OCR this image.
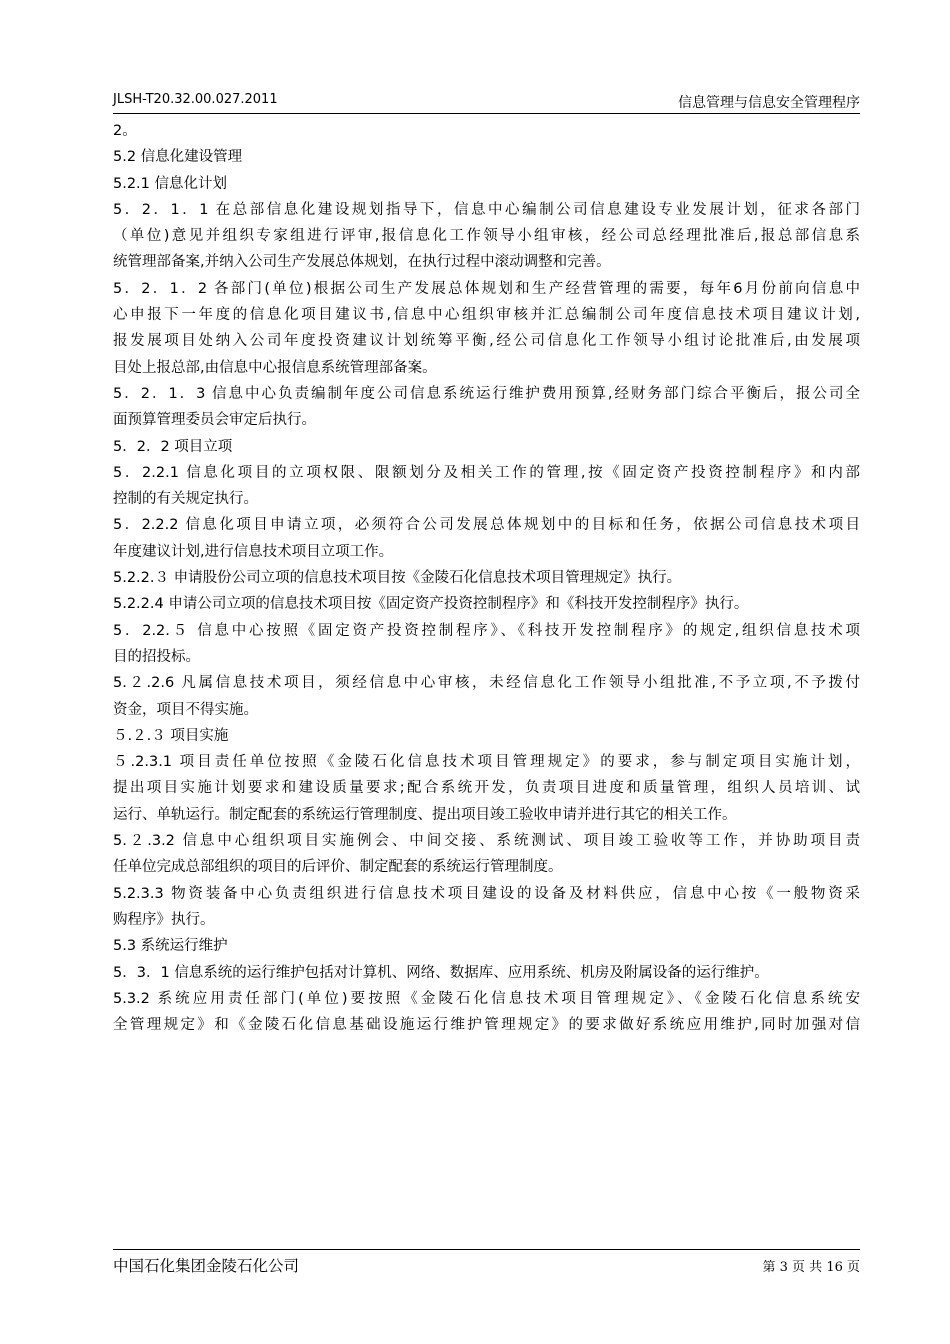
JLSH-T20.32.00.027.2011	信息管理与信息安全管理程序
2。
5.2 信息化建设管理
5.2.1 信息化计划
5．2．1．1 在总部信息化建设规划指导下，信息中心编制公司信息建设专业发展计划，征求各部门
（单位)意见并组织专家组进行评审,报信息化工作领导小组审核，经公司总经理批准后,报总部信息系
统管理部备案,并纳入公司生产发展总体规划，在执行过程中滚动调整和完善。
5．2．1．2 各部门(单位)根据公司生产发展总体规划和生产经营管理的需要，每年6月份前向信息中
心申报下一年度的信息化项目建议书,信息中心组织审核并汇总编制公司年度信息技术项目建议计划,
报发展项目处纳入公司年度投资建议计划统筹平衡,经公司信息化工作领导小组讨论批准后,由发展项
目处上报总部,由信息中心报信息系统管理部备案。
5．2．1．3 信息中心负责编制年度公司信息系统运行维护费用预算,经财务部门综合平衡后，报公司全
面预算管理委员会审定后执行。
5．2．2 项目立项
5．2.2.1 信息化项目的立项权限、限额划分及相关工作的管理,按《固定资产投资控制程序》和内部
控制的有关规定执行。
5．2.2.2 信息化项目申请立项，必须符合公司发展总体规划中的目标和任务，依据公司信息技术项目
年度建议计划,进行信息技术项目立项工作。
5.2.2.３ 申请股份公司立项的信息技术项目按《金陵石化信息技术项目管理规定》执行。
5.2.2.4 申请公司立项的信息技术项目按《固定资产投资控制程序》和《科技开发控制程序》执行。
5．2.2.５ 信息中心按照《固定资产投资控制程序》、《科技开发控制程序》的规定,组织信息技术项
目的招投标。
5.２.2.6 凡属信息技术项目，须经信息中心审核，未经信息化工作领导小组批准,不予立项,不予拨付
资金，项目不得实施。
５.２.３ 项目实施
５.2.3.1 项目责任单位按照《金陵石化信息技术项目管理规定》的要求，参与制定项目实施计划，
提出项目实施计划要求和建设质量要求;配合系统开发，负责项目进度和质量管理，组织人员培训、试
运行、单轨运行。制定配套的系统运行管理制度、提出项目竣工验收申请并进行其它的相关工作。
5.２.3.2 信息中心组织项目实施例会、中间交接、系统测试、项目竣工验收等工作，并协助项目责
任单位完成总部组织的项目的后评价、制定配套的系统运行管理制度。
5.2.3.3 物资装备中心负责组织进行信息技术项目建设的设备及材料供应，信息中心按《一般物资采
购程序》执行。
5.3 系统运行维护
5．3．1 信息系统的运行维护包括对计算机、网络、数据库、应用系统、机房及附属设备的运行维护。
5.3.2 系统应用责任部门(单位)要按照《金陵石化信息技术项目管理规定》、《金陵石化信息系统安
全管理规定》和《金陵石化信息基础设施运行维护管理规定》的要求做好系统应用维护,同时加强对信
中国石化集团金陵石化公司	第 3 页 共 16 页
